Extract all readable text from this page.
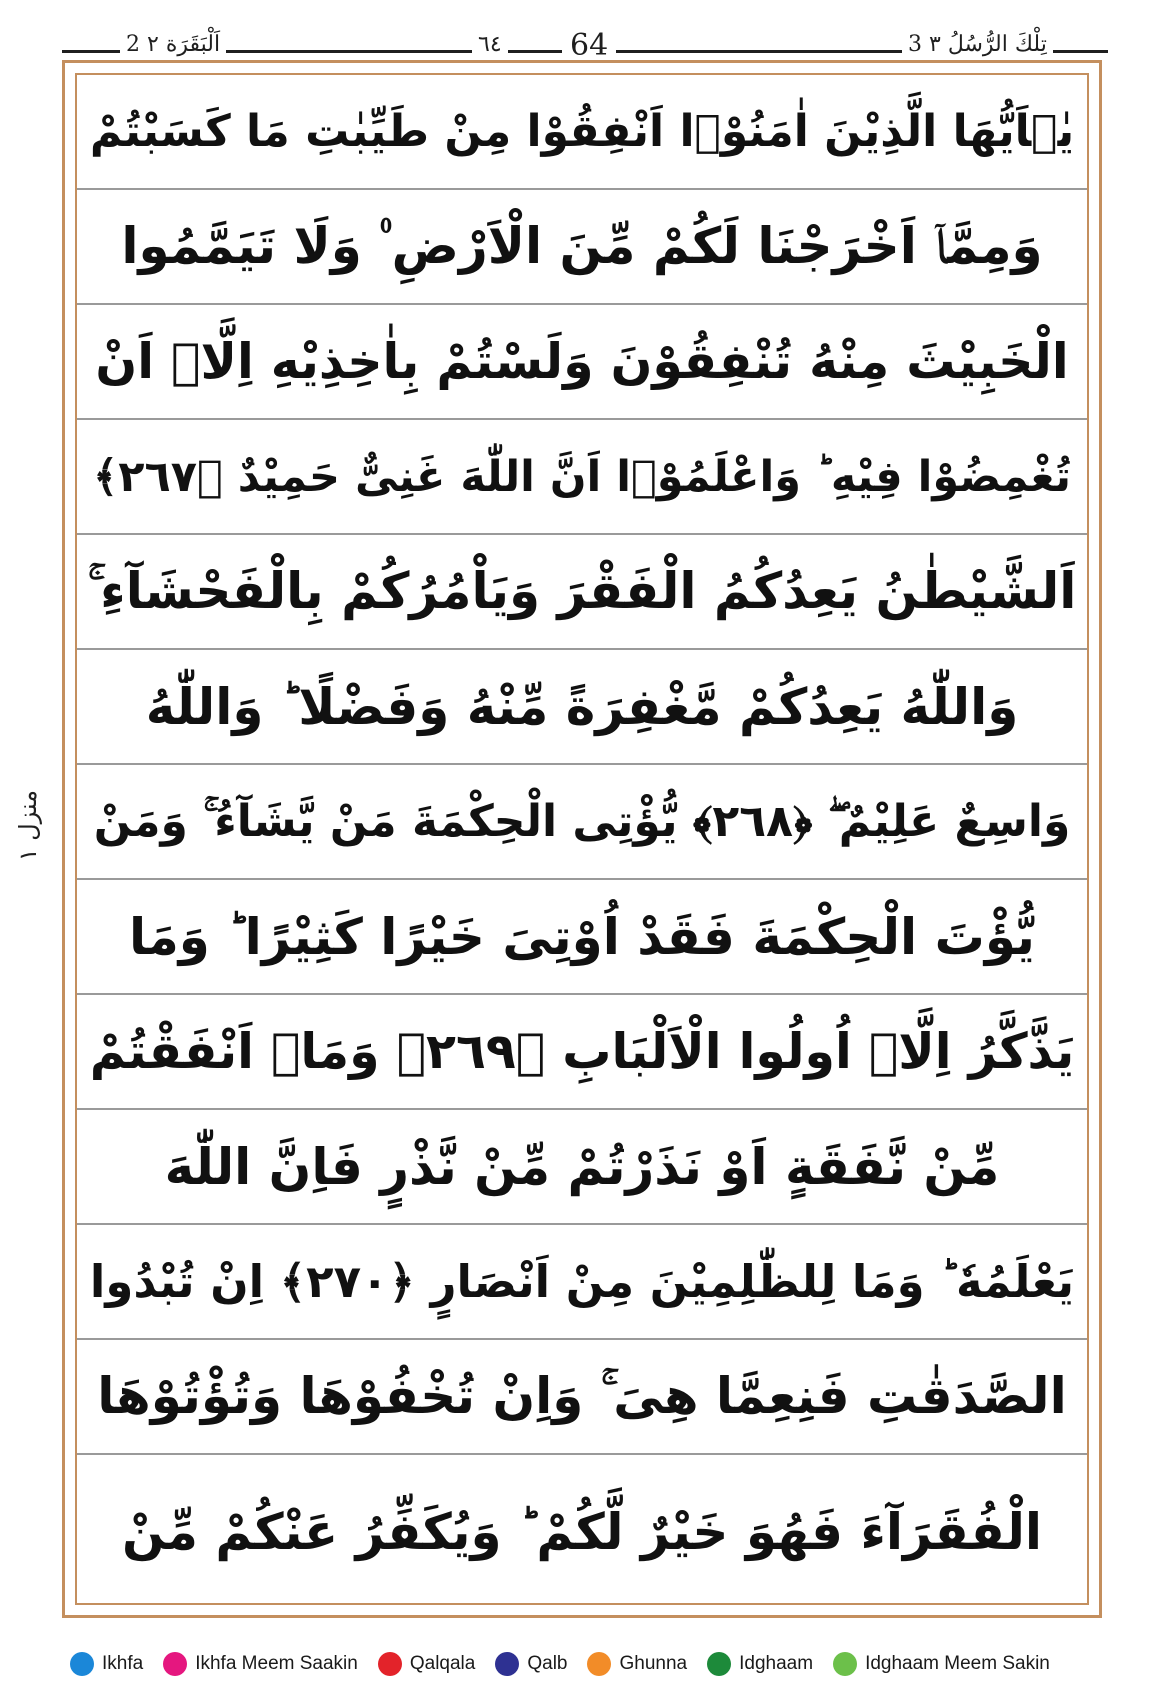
2 اَلْبَقَرَة ٢	٦٤ 64	3 تِلْكَ الرُّسُلُ ٣
منزل ١
يٰۤاَيُّهَا الَّذِيْنَ اٰمَنُوْۤا اَنْفِقُوْا مِنْ طَيِّبٰتِ مَا كَسَبْتُمْ
وَمِمَّاۤ اَخْرَجْنَا لَكُمْ مِّنَ الْاَرْضِ ۠ وَلَا تَيَمَّمُوا
الْخَبِيْثَ مِنْهُ تُنْفِقُوْنَ وَلَسْتُمْ بِاٰخِذِيْهِ اِلَّاۤ اَنْ
تُغْمِضُوْا فِيْهِ ؕ وَاعْلَمُوْۤا اَنَّ اللّٰهَ غَنِىٌّ حَمِيْدٌ ﴿٢٦٧﴾
اَلشَّيْطٰنُ يَعِدُكُمُ الْفَقْرَ وَيَاْمُرُكُمْ بِالْفَحْشَآءِ ۚ
وَاللّٰهُ يَعِدُكُمْ مَّغْفِرَةً مِّنْهُ وَفَضْلًا ؕ وَاللّٰهُ
وَاسِعٌ عَلِيْمٌ ۖ ﴿٢٦٨﴾ يُّؤْتِى الْحِكْمَةَ مَنْ يَّشَآءُ ۚ وَمَنْ
يُّؤْتَ الْحِكْمَةَ فَقَدْ اُوْتِىَ خَيْرًا كَثِيْرًا ؕ وَمَا
يَذَّكَّرُ اِلَّاۤ اُولُوا الْاَلْبَابِ ﴿٢٦٩﴾ وَمَاۤ اَنْفَقْتُمْ
مِّنْ نَّفَقَةٍ اَوْ نَذَرْتُمْ مِّنْ نَّذْرٍ فَاِنَّ اللّٰهَ
يَعْلَمُهٗ ؕ وَمَا لِلظّٰلِمِيْنَ مِنْ اَنْصَارٍ ﴿٢٧٠﴾ اِنْ تُبْدُوا
الصَّدَقٰتِ فَنِعِمَّا هِىَ ۚ وَاِنْ تُخْفُوْهَا وَتُؤْتُوْهَا
الْفُقَرَآءَ فَهُوَ خَيْرٌ لَّكُمْ ؕ وَيُكَفِّرُ عَنْكُمْ مِّنْ
Ikhfa	Ikhfa Meem Saakin	Qalqala	Qalb	Ghunna	Idghaam	Idghaam Meem Sakin
